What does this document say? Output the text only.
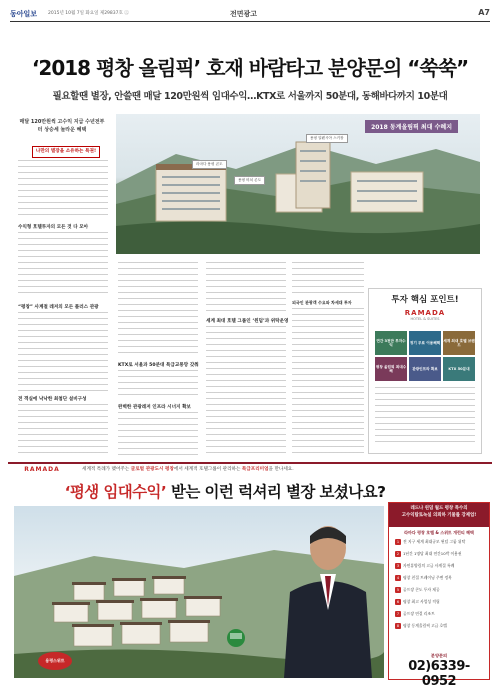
동아일보 2015년 10월 7일 화요일 제29837호 ㊂	전면광고	A7
‘2018 평창 올림픽’ 호재 바람타고 분양문의 “쑥쑥”
필요할땐 별장, 안쓸땐 매달 120만원씩 임대수익…KTX로 서울까지 50분대, 동해바다까지 10분대
매달 120만원씩 고수익 지급 수년전부터 상승세 놀라운 혜택
나만의 별장을 소유하는 특권!
수익형 호텔투자의 모든 것 다 모아
2018 동계올림픽 최대 수혜지
라마다 용평 콘도
용평 비치 콘도
용평 알펜시아 스키장
“평창” 사계절 레저의 모든 플러스 관광
전 객실에 낙낙한 최첨단 설비구성
KTX로 서울과 50분대 특급교통망 갖춰
완벽한 관광레저 인프라 시너지 확보
세계 최대 호텔 그룹인 ‘윈덤’과 위탁운영
외국인 관광객 수요와 차세대 투자	투자 핵심 포인트!
RAMADA
HOTEL & SUITES
연간 3천만 투자수익
정기 무료 이용혜택
세계 최대 호텔 브랜드
평창 올림픽 최대수혜
관광인프라 확보	KTX 50분대
RAMADA	세계적 특례가 맺어주는 글로벌 관광도시 평창에서 세계적 호텔그룹이 관리하는 특급프리미엄을 만나세요.
‘평생 임대수익’ 받는 이런 럭셔리 별장 보셨나요?
용평스위트
레드나 윈덤 월드 평창 특수의
고수익탑토녹실 의뢰하 기물를 강제업!
라마다 평창 호텔 & 스위트 개런티 혜택
1	전 지구 세계 최대규모 윈덤 그룹 위탁
2	1년간 1명당 최대 연간10박 이용권
3	자연휴양림의 고급 사계절 특례
4	평창 친절 트레이닝 주변 정복
5	골프장 콘도 투자 제공
6	평창 최고 사업성 적립
7	골프장 연결 리조트
8	평창 동계올림픽 고급 호텔
분양문의
02)6339-0952
